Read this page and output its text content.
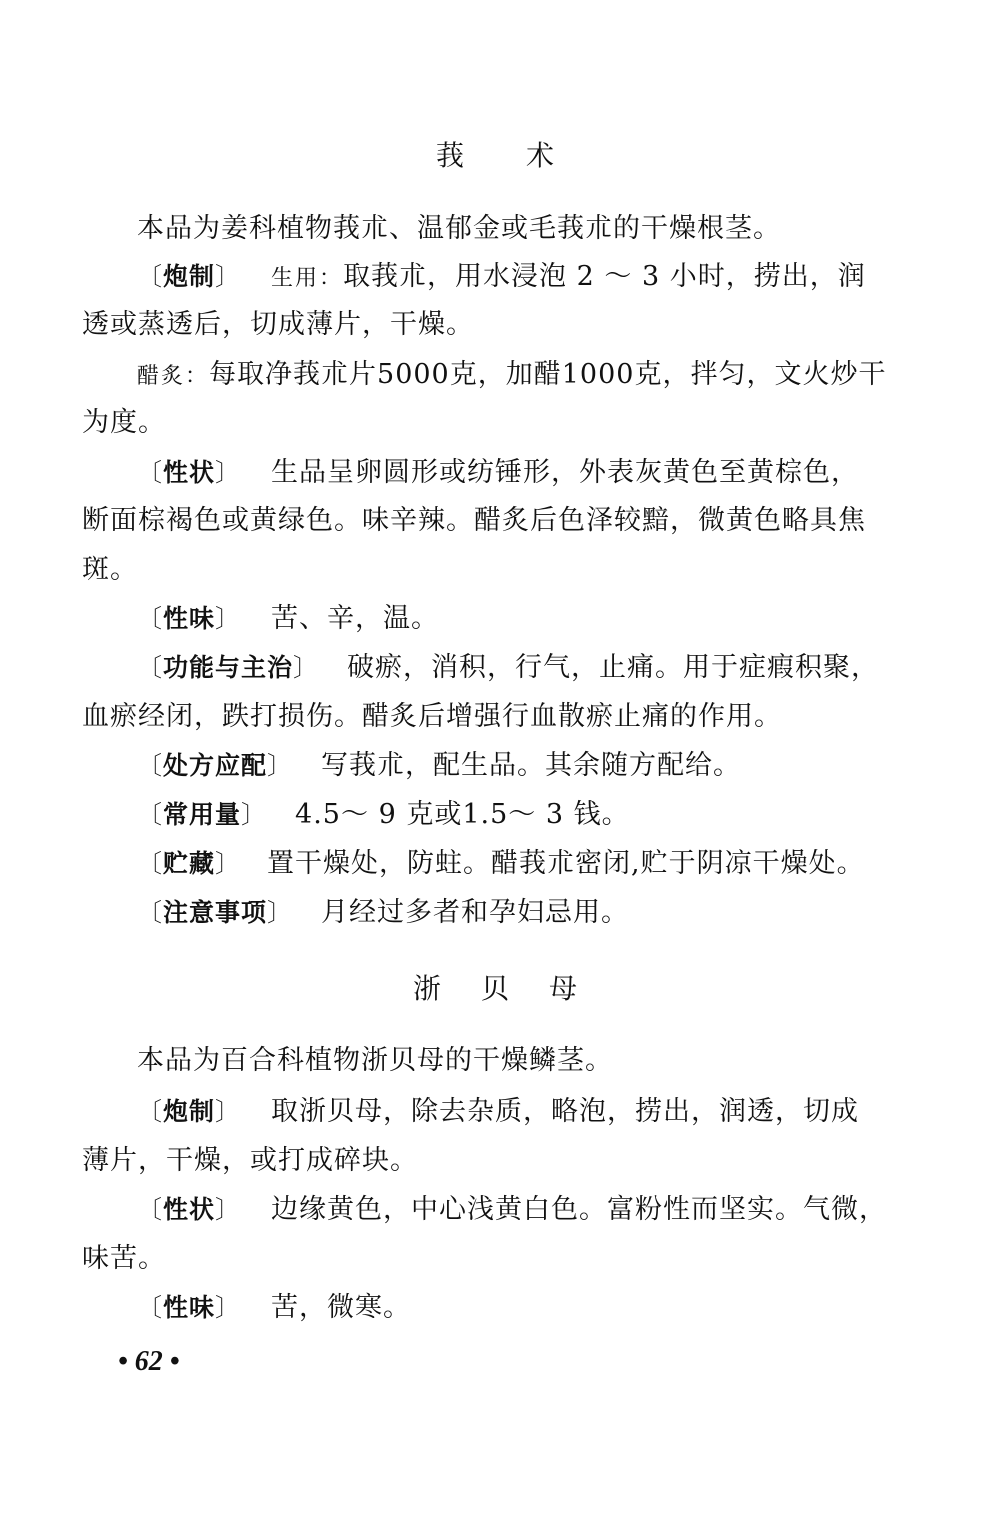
莪 术
本品为姜科植物莪朮、温郁金或毛莪朮的干燥根茎。
〔炮制〕 生用：取莪朮，用水浸泡 2 ～ 3 小时，捞出，润
透或蒸透后，切成薄片，干燥。
醋炙：每取净莪朮片5000克，加醋1000克，拌匀，文火炒干
为度。
〔性状〕 生品呈卵圆形或纺锤形，外表灰黄色至黄棕色，
断面棕褐色或黄绿色。味辛辣。醋炙后色泽较黯，微黄色略具焦
斑。
〔性味〕 苦、辛，温。
〔功能与主治〕 破瘀，消积，行气，止痛。用于症瘕积聚，
血瘀经闭，跌打损伤。醋炙后增强行血散瘀止痛的作用。
〔处方应配〕 写莪朮，配生品。其余随方配给。
〔常用量〕 4.5～ 9 克或1.5～ 3 钱。
〔贮藏〕 置干燥处，防蛀。醋莪朮密闭,贮于阴凉干燥处。
〔注意事项〕 月经过多者和孕妇忌用。
浙 贝 母
本品为百合科植物浙贝母的干燥鳞茎。
〔炮制〕 取浙贝母，除去杂质，略泡，捞出，润透，切成
薄片，干燥，或打成碎块。
〔性状〕 边缘黄色，中心浅黄白色。富粉性而坚实。气微，
味苦。
〔性味〕 苦，微寒。
• 62 •
